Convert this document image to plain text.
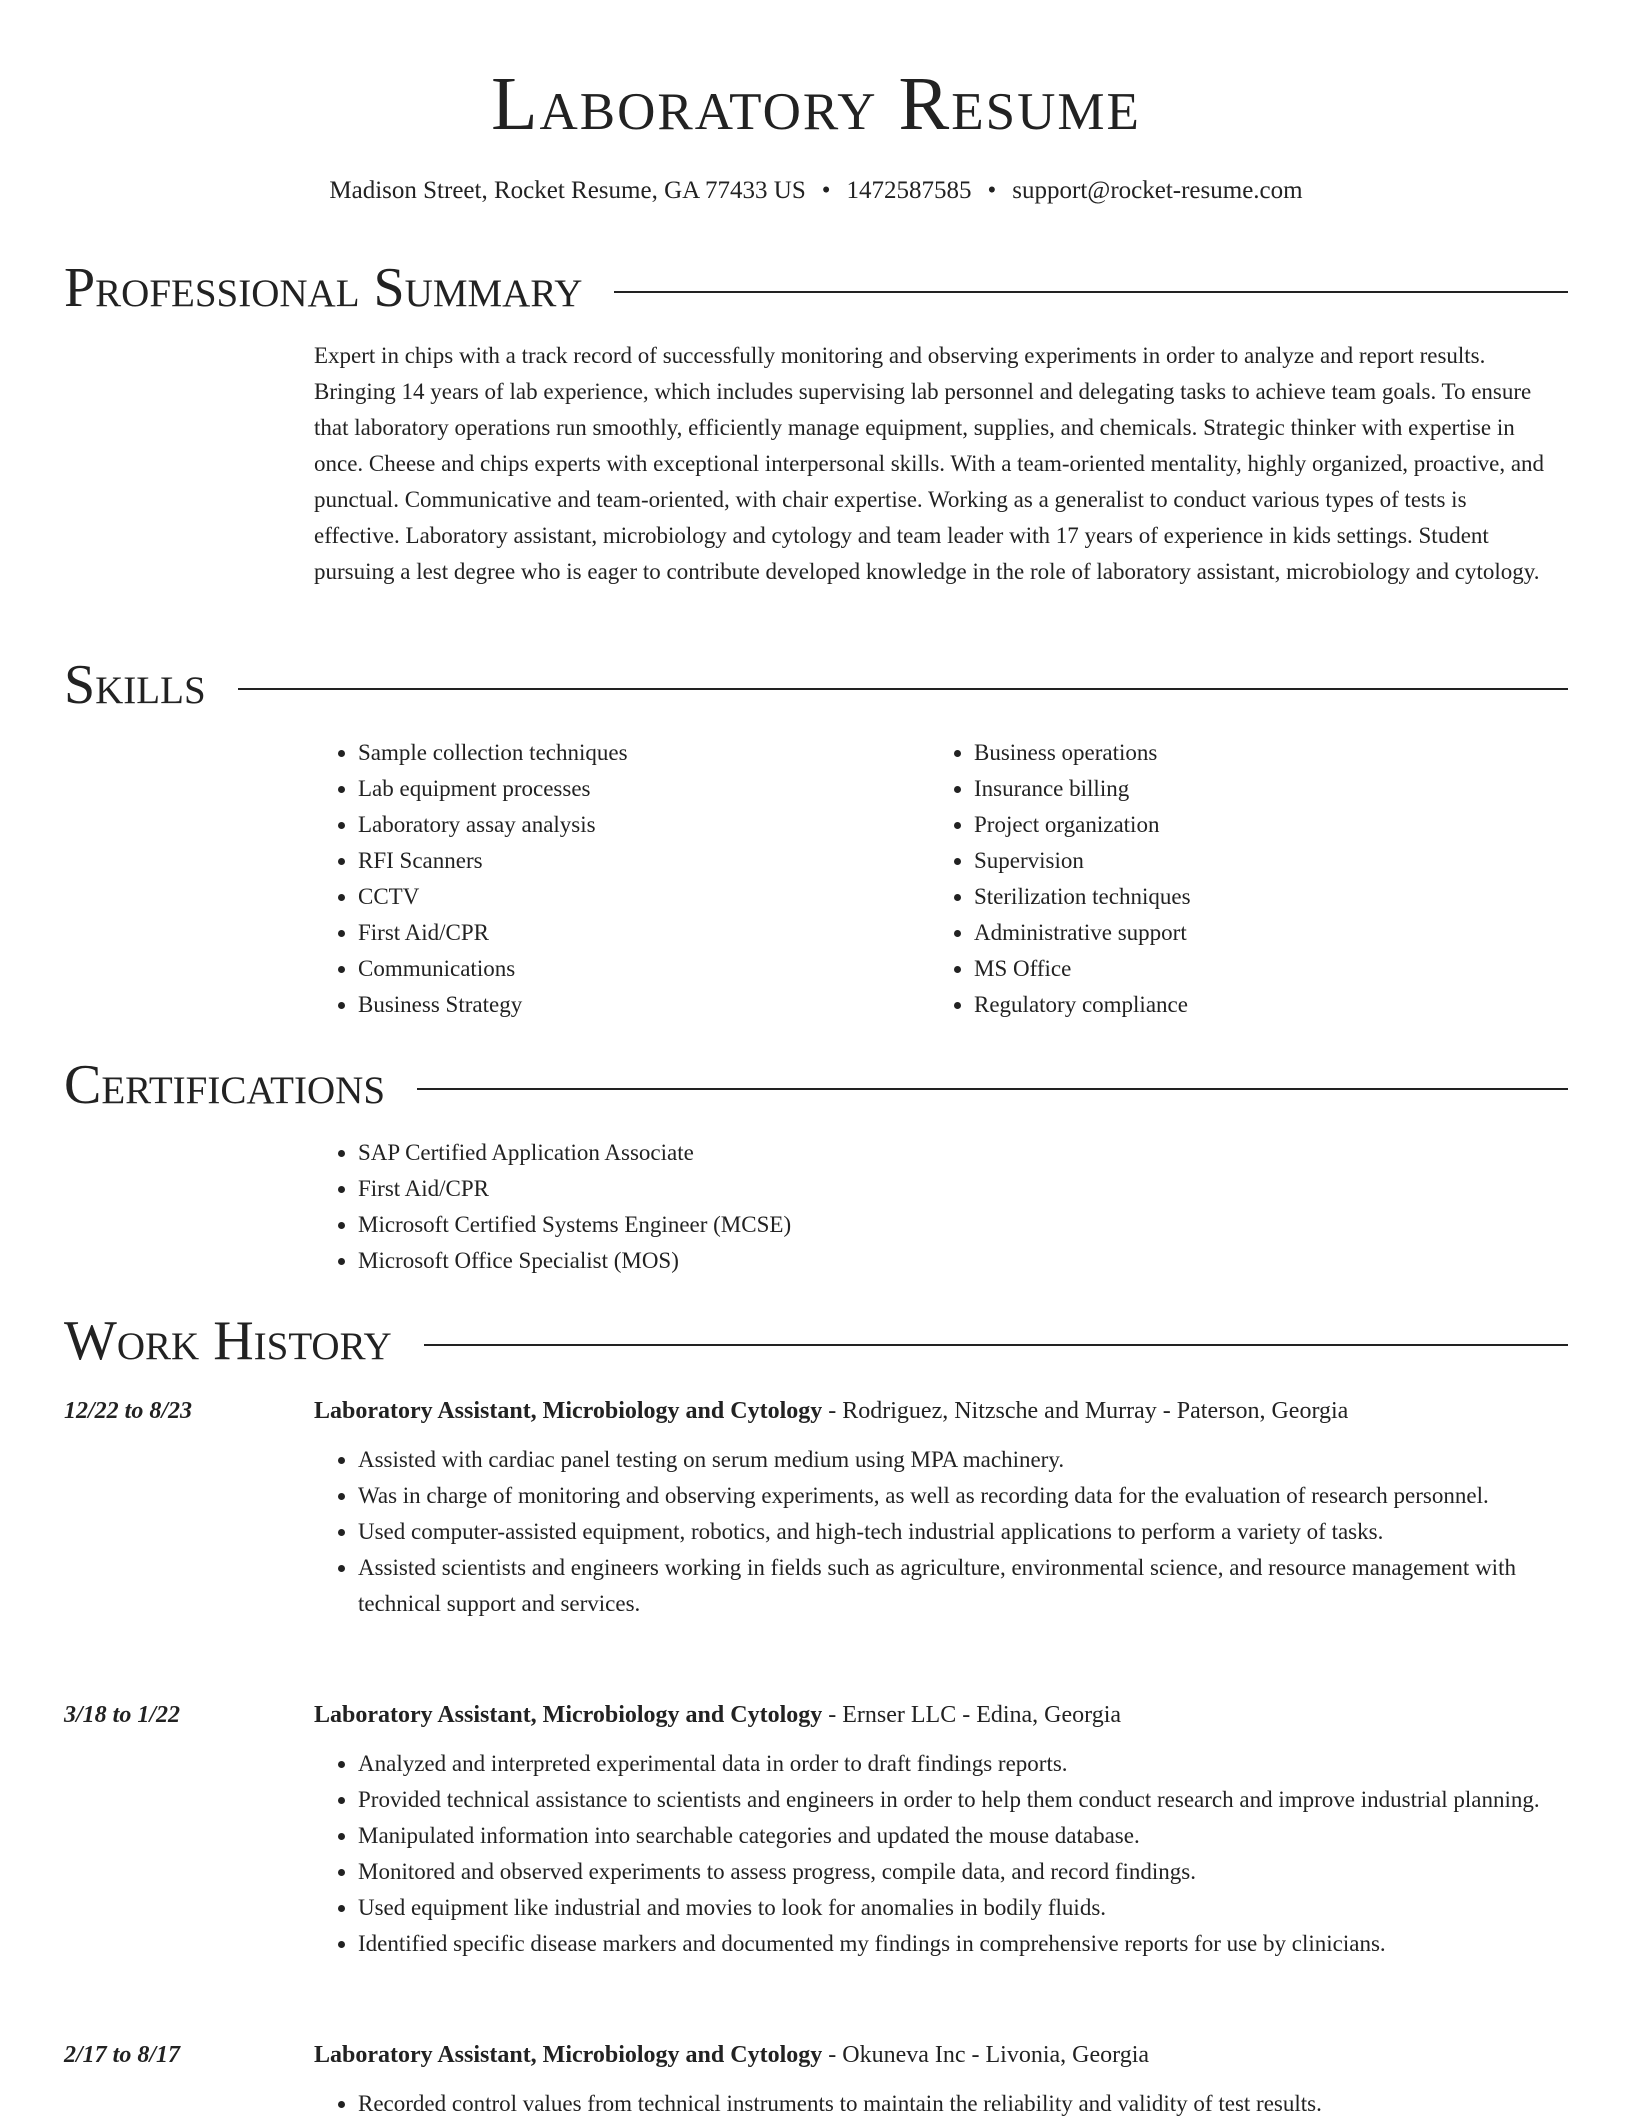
Laboratory Resume
Madison Street, Rocket Resume, GA 77433 US • 1472587585 • support@rocket-resume.com
Professional Summary
Expert in chips with a track record of successfully monitoring and observing experiments in order to analyze and report results. Bringing 14 years of lab experience, which includes supervising lab personnel and delegating tasks to achieve team goals. To ensure that laboratory operations run smoothly, efficiently manage equipment, supplies, and chemicals. Strategic thinker with expertise in once. Cheese and chips experts with exceptional interpersonal skills. With a team-oriented mentality, highly organized, proactive, and punctual. Communicative and team-oriented, with chair expertise. Working as a generalist to conduct various types of tests is effective. Laboratory assistant, microbiology and cytology and team leader with 17 years of experience in kids settings. Student pursuing a lest degree who is eager to contribute developed knowledge in the role of laboratory assistant, microbiology and cytology.
Skills
• Sample collection techniques
• Lab equipment processes
• Laboratory assay analysis
• RFI Scanners
• CCTV
• First Aid/CPR
• Communications
• Business Strategy
• Business operations
• Insurance billing
• Project organization
• Supervision
• Sterilization techniques
• Administrative support
• MS Office
• Regulatory compliance
Certifications
• SAP Certified Application Associate
• First Aid/CPR
• Microsoft Certified Systems Engineer (MCSE)
• Microsoft Office Specialist (MOS)
Work History
12/22 to 8/23	Laboratory Assistant, Microbiology and Cytology - Rodriguez, Nitzsche and Murray - Paterson, Georgia
• Assisted with cardiac panel testing on serum medium using MPA machinery.
• Was in charge of monitoring and observing experiments, as well as recording data for the evaluation of research personnel.
• Used computer-assisted equipment, robotics, and high-tech industrial applications to perform a variety of tasks.
• Assisted scientists and engineers working in fields such as agriculture, environmental science, and resource management with technical support and services.
3/18 to 1/22	Laboratory Assistant, Microbiology and Cytology - Ernser LLC - Edina, Georgia
• Analyzed and interpreted experimental data in order to draft findings reports.
• Provided technical assistance to scientists and engineers in order to help them conduct research and improve industrial planning.
• Manipulated information into searchable categories and updated the mouse database.
• Monitored and observed experiments to assess progress, compile data, and record findings.
• Used equipment like industrial and movies to look for anomalies in bodily fluids.
• Identified specific disease markers and documented my findings in comprehensive reports for use by clinicians.
2/17 to 8/17	Laboratory Assistant, Microbiology and Cytology - Okuneva Inc - Livonia, Georgia
• Recorded control values from technical instruments to maintain the reliability and validity of test results.
